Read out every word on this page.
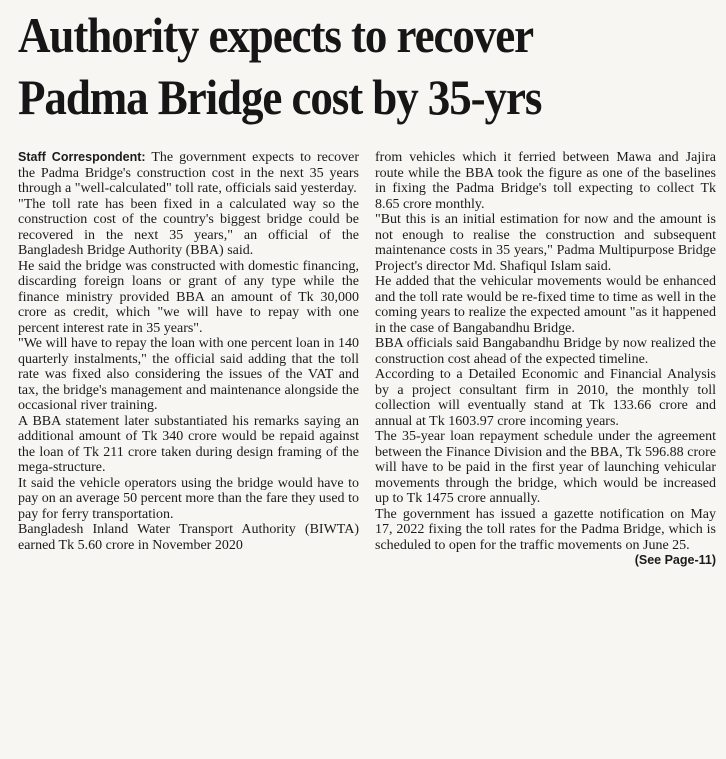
Authority expects to recover
Padma Bridge cost by 35-yrs

Staff Correspondent: The government expects to recover the Padma Bridge's construction cost in the next 35 years through a "well-calculated" toll rate, officials said yesterday.

"The toll rate has been fixed in a calculated way so the construction cost of the country's biggest bridge could be recovered in the next 35 years," an official of the Bangladesh Bridge Authority (BBA) said.

He said the bridge was constructed with domestic financing, discarding foreign loans or grant of any type while the finance ministry provided BBA an amount of Tk 30,000 crore as credit, which "we will have to repay with one percent interest rate in 35 years".

"We will have to repay the loan with one percent loan in 140 quarterly instalments," the official said adding that the toll rate was fixed also considering the issues of the VAT and tax, the bridge's management and maintenance alongside the occasional river training.

A BBA statement later substantiated his remarks saying an additional amount of Tk 340 crore would be repaid against the loan of Tk 211 crore taken during design framing of the mega-structure.

It said the vehicle operators using the bridge would have to pay on an average 50 percent more than the fare they used to pay for ferry transportation.

Bangladesh Inland Water Transport Authority (BIWTA) earned Tk 5.60 crore in November 2020

from vehicles which it ferried between Mawa and Jajira route while the BBA took the figure as one of the baselines in fixing the Padma Bridge's toll expecting to collect Tk 8.65 crore monthly.

"But this is an initial estimation for now and the amount is not enough to realise the construction and subsequent maintenance costs in 35 years," Padma Multipurpose Bridge Project's director Md. Shafiqul Islam said.

He added that the vehicular movements would be enhanced and the toll rate would be re-fixed time to time as well in the coming years to realize the expected amount "as it happened in the case of Bangabandhu Bridge.

BBA officials said Bangabandhu Bridge by now realized the construction cost ahead of the expected timeline.

According to a Detailed Economic and Financial Analysis by a project consultant firm in 2010, the monthly toll collection will eventually stand at Tk 133.66 crore and annual at Tk 1603.97 crore incoming years.

The 35-year loan repayment schedule under the agreement between the Finance Division and the BBA, Tk 596.88 crore will have to be paid in the first year of launching vehicular movements through the bridge, which would be increased up to Tk 1475 crore annually.

The government has issued a gazette notification on May 17, 2022 fixing the toll rates for the Padma Bridge, which is scheduled to open for the traffic movements on June 25.
(See Page-11)
